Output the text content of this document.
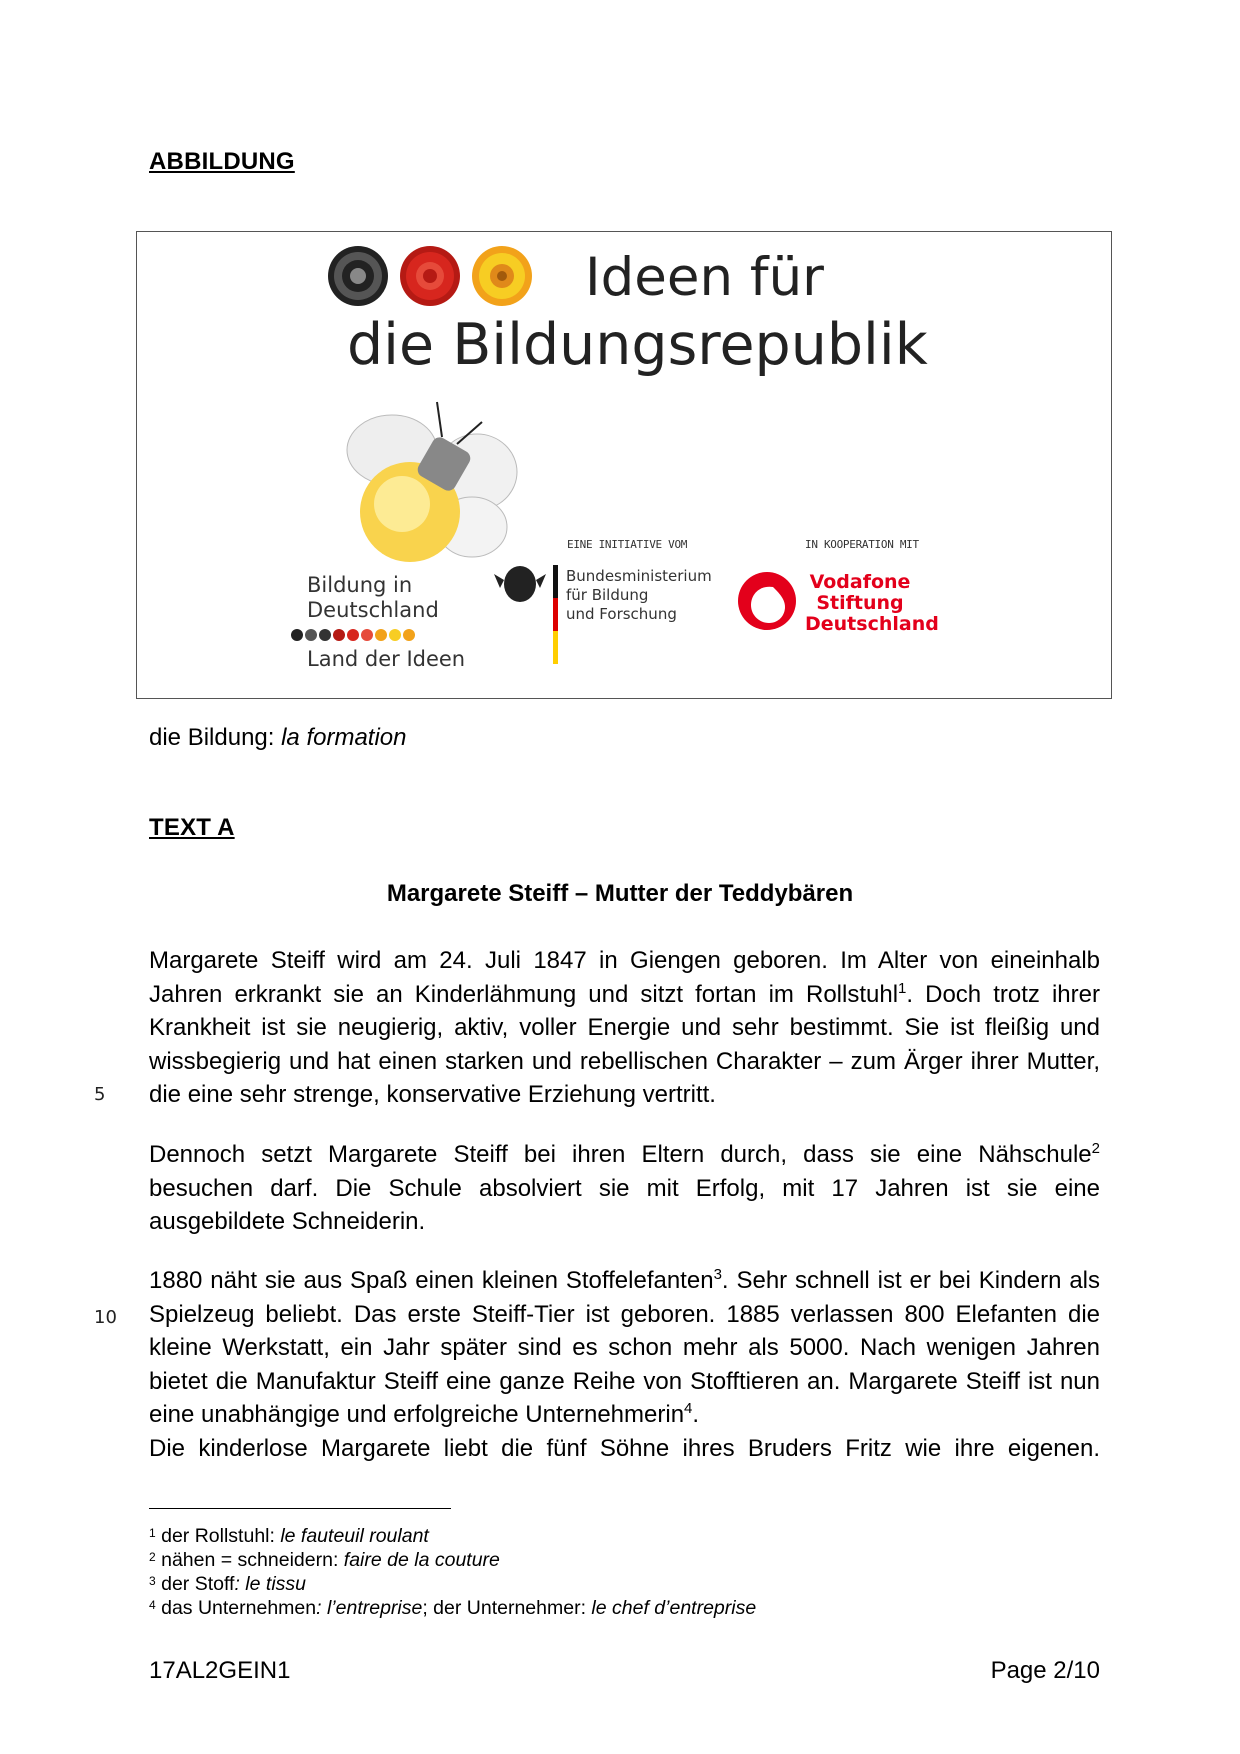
ABBILDUNG
Ideen für
die Bildungsrepublik
EINE INITIATIVE VOM
Bundesministerium
für Bildung
und Forschung
IN KOOPERATION MIT
Vodafone
Stiftung
Deutschland
Bildung in
Deutschland
Land der Ideen
die Bildung: la formation
TEXT A
Margarete Steiff – Mutter der Teddybären

Margarete Steiff wird am 24. Juli 1847 in Giengen geboren. Im Alter von eineinhalb Jahren erkrankt sie an Kinderlähmung und sitzt fortan im Rollstuhl$^1$. Doch trotz ihrer Krankheit ist sie neugierig, aktiv, voller Energie und sehr bestimmt. Sie ist fleißig und wissbegierig und hat einen starken und rebellischen Charakter – zum Ärger ihrer Mutter, die eine sehr strenge, konservative Erziehung vertritt.

5

Dennoch setzt Margarete Steiff bei ihren Eltern durch, dass sie eine Nähschule$^2$ besuchen darf. Die Schule absolviert sie mit Erfolg, mit 17 Jahren ist sie eine ausgebildete Schneiderin.

1880 näht sie aus Spaß einen kleinen Stoffelefanten$^3$. Sehr schnell ist er bei Kindern als Spielzeug beliebt. Das erste Steiff-Tier ist geboren. 1885 verlassen 800 Elefanten die kleine Werkstatt, ein Jahr später sind es schon mehr als 5000. Nach wenigen Jahren bietet die Manufaktur Steiff eine ganze Reihe von Stofftieren an. Margarete Steiff ist nun eine unabhängige und erfolgreiche Unternehmerin$^4$.

10

Die kinderlose Margarete liebt die fünf Söhne ihres Bruders Fritz wie ihre eigenen.

$^1$ der Rollstuhl: le fauteuil roulant
$^2$ nähen = schneidern: faire de la couture
$^3$ der Stoff: le tissu
$^4$ das Unternehmen: l’entreprise; der Unternehmer: le chef d’entreprise
17AL2GEIN1	Page 2/10
